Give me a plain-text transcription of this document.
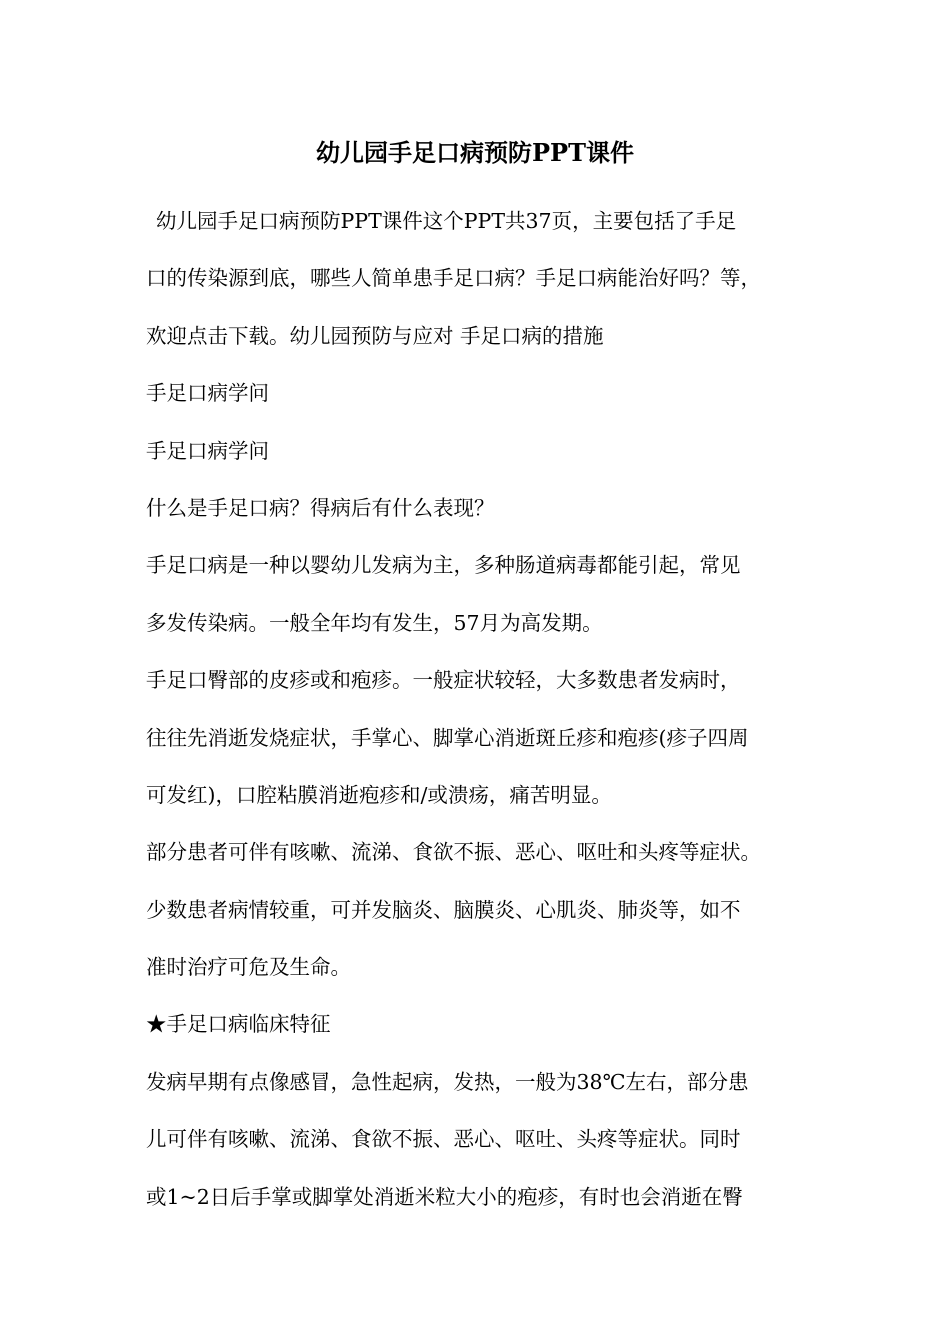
幼儿园手足口病预防PPT课件
幼儿园手足口病预防PPT课件这个PPT共37页，主要包括了手足
口的传染源到底，哪些人简单患手足口病？手足口病能治好吗？等，
欢迎点击下载。幼儿园预防与应对 手足口病的措施
手足口病学问
手足口病学问
什么是手足口病？得病后有什么表现？
手足口病是一种以婴幼儿发病为主，多种肠道病毒都能引起，常见
多发传染病。一般全年均有发生，57月为高发期。
手足口臀部的皮疹或和疱疹。一般症状较轻，大多数患者发病时，
往往先消逝发烧症状，手掌心、脚掌心消逝斑丘疹和疱疹(疹子四周
可发红)，口腔粘膜消逝疱疹和/或溃疡，痛苦明显。
部分患者可伴有咳嗽、流涕、食欲不振、恶心、呕吐和头疼等症状。
少数患者病情较重，可并发脑炎、脑膜炎、心肌炎、肺炎等，如不
准时治疗可危及生命。
★手足口病临床特征
发病早期有点像感冒，急性起病，发热，一般为38℃左右，部分患
儿可伴有咳嗽、流涕、食欲不振、恶心、呕吐、头疼等症状。同时
或1~2日后手掌或脚掌处消逝米粒大小的疱疹，有时也会消逝在臀
